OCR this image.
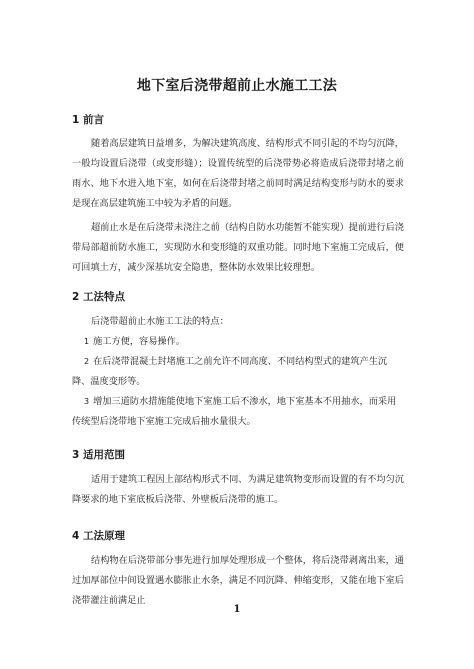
地下室后浇带超前止水施工工法
1 前言
随着高层建筑日益增多，为解决建筑高度、结构形式不同引起的不均匀沉降，一般均设置后浇带（或变形缝）；设置传统型的后浇带势必将造成后浇带封堵之前雨水、地下水进入地下室，如何在后浇带封堵之前同时满足结构变形与防水的要求是现在高层建筑施工中较为矛盾的问题。
超前止水是在后浇带未浇注之前（结构自防水功能暂不能实现）提前进行后浇带局部超前防水施工，实现防水和变形缝的双重功能。同时地下室施工完成后，便可回填土方，减少深基坑安全隐患，整体防水效果比较理想。
2 工法特点
后浇带超前止水施工工法的特点：
1 施工方便，容易操作。
2 在后浇带混凝土封堵施工之前允许不同高度、不同结构型式的建筑产生沉降、温度变形等。
3 增加三道防水措施能使地下室施工后不渗水，地下室基本不用抽水，而采用传统型后浇带地下室施工完成后抽水量很大。
3 适用范围
适用于建筑工程因上部结构形式不同、为满足建筑物变形而设置的有不均匀沉降要求的地下室底板后浇带、外壁板后浇带的施工。
4 工法原理
结构物在后浇带部分事先进行加厚处理形成一个整体，将后浇带剥离出来，通过加厚部位中间设置遇水膨胀止水条，满足不同沉降、伸缩变形，又能在地下室后浇带灌注前满足止
1
